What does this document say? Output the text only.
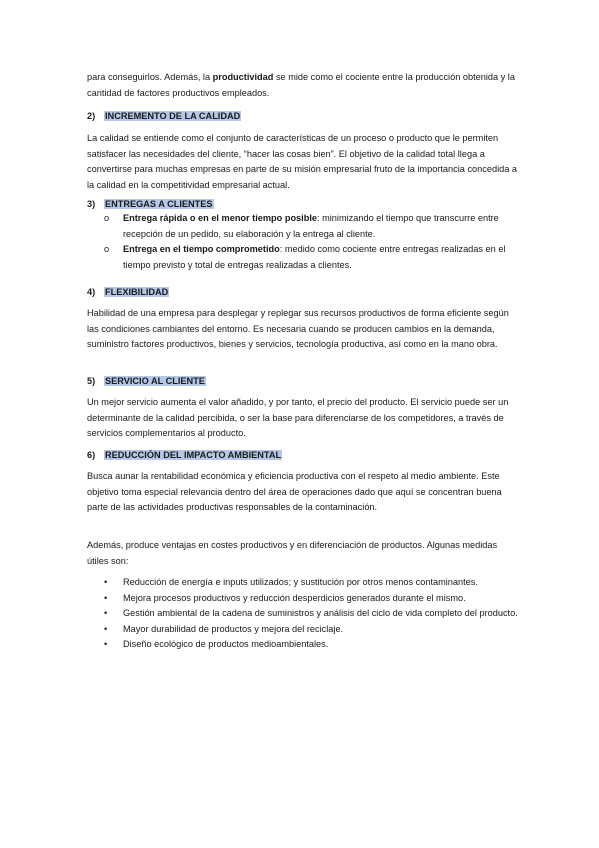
para conseguirlos. Además, la productividad se mide como el cociente entre la producción obtenida y la cantidad de factores productivos empleados.

2) INCREMENTO DE LA CALIDAD

La calidad se entiende como el conjunto de características de un proceso o producto que le permiten satisfacer las necesidades del cliente, “hacer las cosas bien”. El objetivo de la calidad total llega a convertirse para muchas empresas en parte de su misión empresarial fruto de la importancia concedida a la calidad en la competitividad empresarial actual.

3) ENTREGAS A CLIENTES
o Entrega rápida o en el menor tiempo posible: minimizando el tiempo que transcurre entre recepción de un pedido, su elaboración y la entrega al cliente.
o Entrega en el tiempo comprometido: medido como cociente entre entregas realizadas en el tiempo previsto y total de entregas realizadas a clientes.
4) FLEXIBILIDAD

Habilidad de una empresa para desplegar y replegar sus recursos productivos de forma eficiente según las condiciones cambiantes del entorno. Es necesaria cuando se producen cambios en la demanda, suministro factores productivos, bienes y servicios, tecnología productiva, así como en la mano obra.

5) SERVICIO AL CLIENTE

Un mejor servicio aumenta el valor añadido, y por tanto, el precio del producto. El servicio puede ser un determinante de la calidad percibida, o ser la base para diferenciarse de los competidores, a través de servicios complementarios al producto.

6) REDUCCIÓN DEL IMPACTO AMBIENTAL

Busca aunar la rentabilidad económica y eficiencia productiva con el respeto al medio ambiente. Este objetivo toma especial relevancia dentro del área de operaciones dado que aquí se concentran buena parte de las actividades productivas responsables de la contaminación.

Además, produce ventajas en costes productivos y en diferenciación de productos. Algunas medidas útiles son:

• Reducción de energía e inputs utilizados; y sustitución por otros menos contaminantes.
• Mejora procesos productivos y reducción desperdicios generados durante el mismo.
• Gestión ambiental de la cadena de suministros y análisis del ciclo de vida completo del producto.
• Mayor durabilidad de productos y mejora del reciclaje.
• Diseño ecológico de productos medioambientales.
